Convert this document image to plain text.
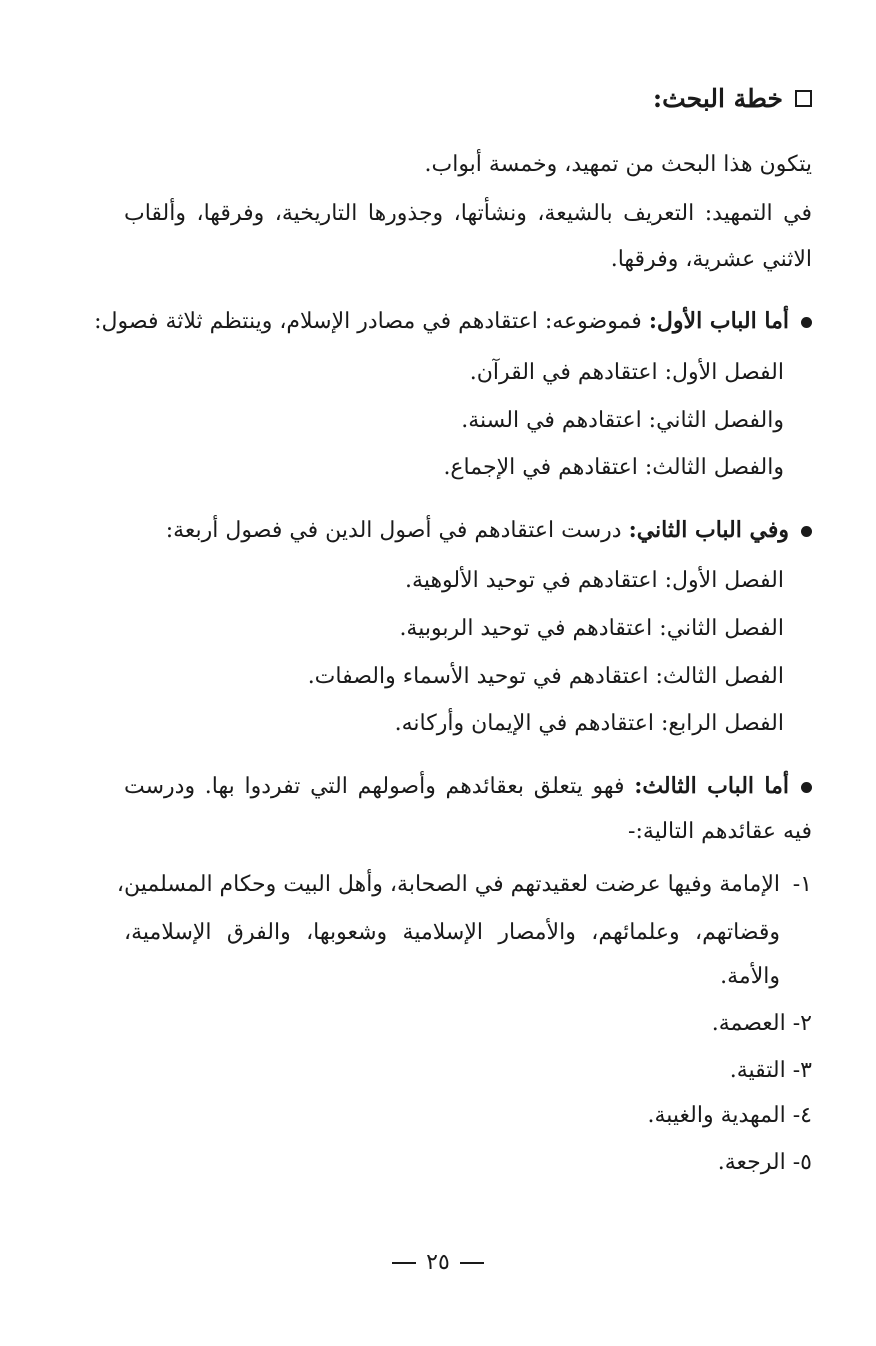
خطة البحث:
يتكون هذا البحث من تمهيد، وخمسة أبواب.
في التمهيد: التعريف بالشيعة، ونشأتها، وجذورها التاريخية، وفرقها، وألقاب
الاثني عشرية، وفرقها.
أما الباب الأول: فموضوعه: اعتقادهم في مصادر الإسلام، وينتظم ثلاثة فصول:
الفصل الأول: اعتقادهم في القرآن.
والفصل الثاني: اعتقادهم في السنة.
والفصل الثالث: اعتقادهم في الإجماع.
وفي الباب الثاني: درست اعتقادهم في أصول الدين في فصول أربعة:
الفصل الأول: اعتقادهم في توحيد الألوهية.
الفصل الثاني: اعتقادهم في توحيد الربوبية.
الفصل الثالث: اعتقادهم في توحيد الأسماء والصفات.
الفصل الرابع: اعتقادهم في الإيمان وأركانه.
أما الباب الثالث: فهو يتعلق بعقائدهم وأصولهم التي تفردوا بها. ودرست
فيه عقائدهم التالية:-
١-
الإمامة وفيها عرضت لعقيدتهم في الصحابة، وأهل البيت وحكام المسلمين،
وقضاتهم، وعلمائهم، والأمصار الإسلامية وشعوبها، والفرق الإسلامية،
والأمة.
٢- العصمة.
٣- التقية.
٤- المهدية والغيبة.
٥- الرجعة.
٢٥
